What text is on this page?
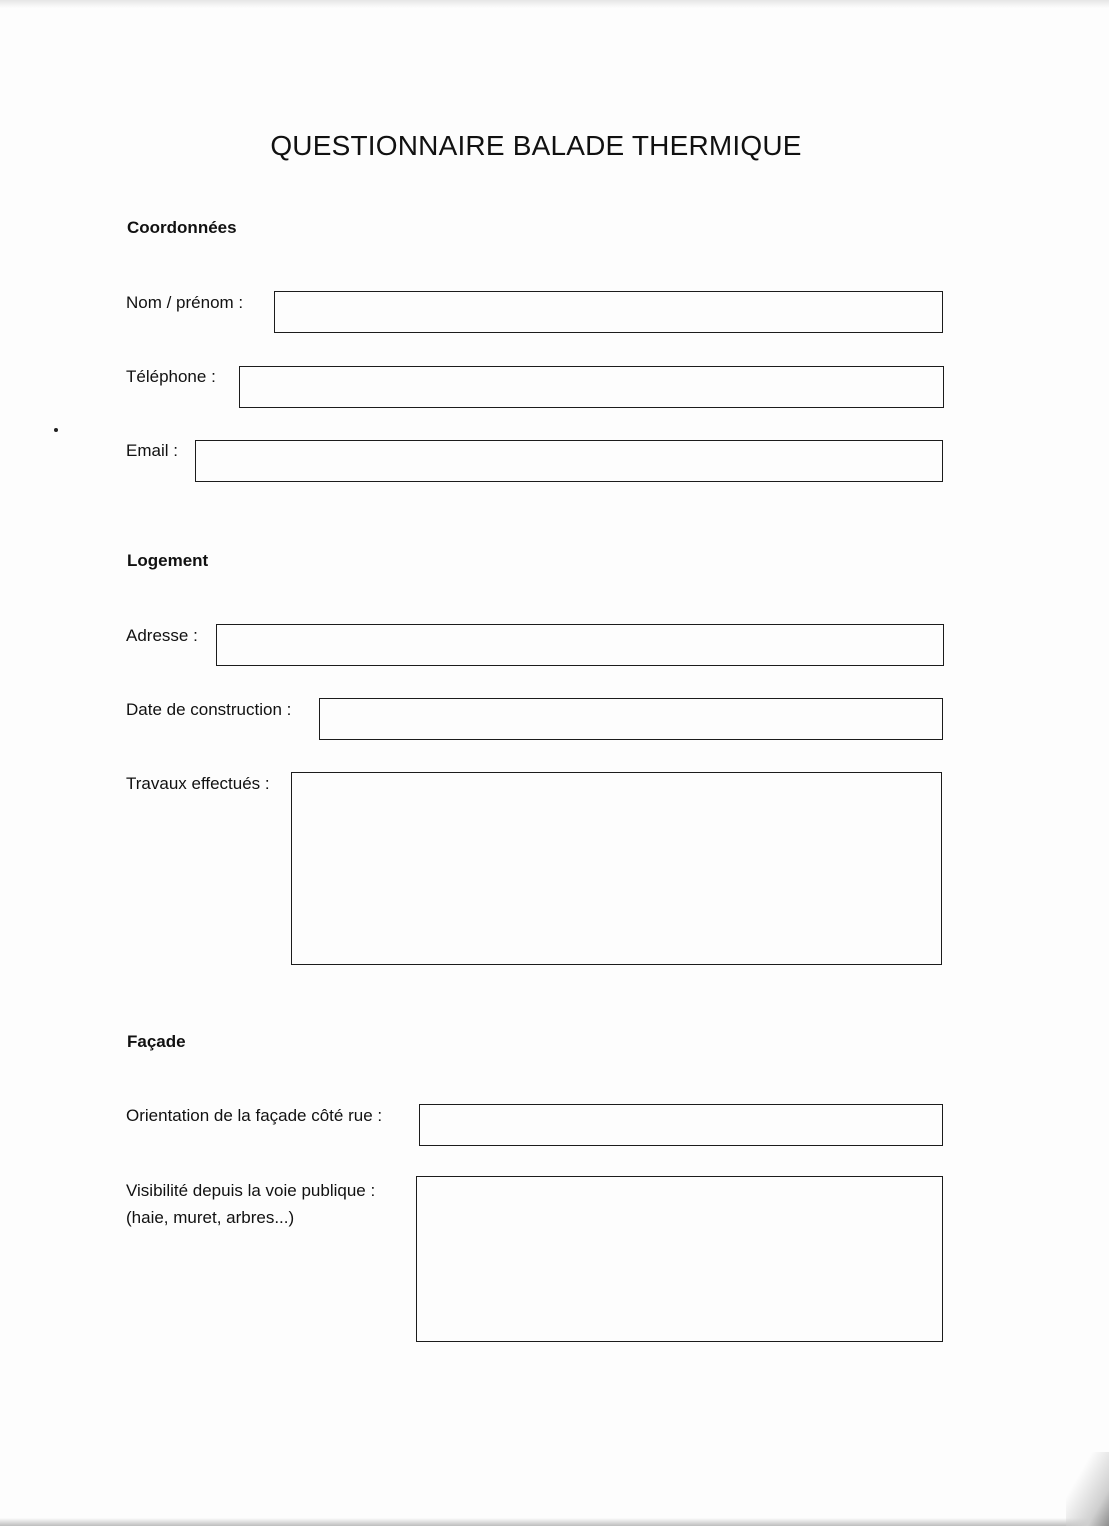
QUESTIONNAIRE BALADE THERMIQUE
Coordonnées
Nom / prénom :
Téléphone :
Email :
Logement
Adresse :
Date de construction :
Travaux effectués :
Façade
Orientation de la façade côté rue :
Visibilité depuis la voie publique :
(haie, muret, arbres...)
